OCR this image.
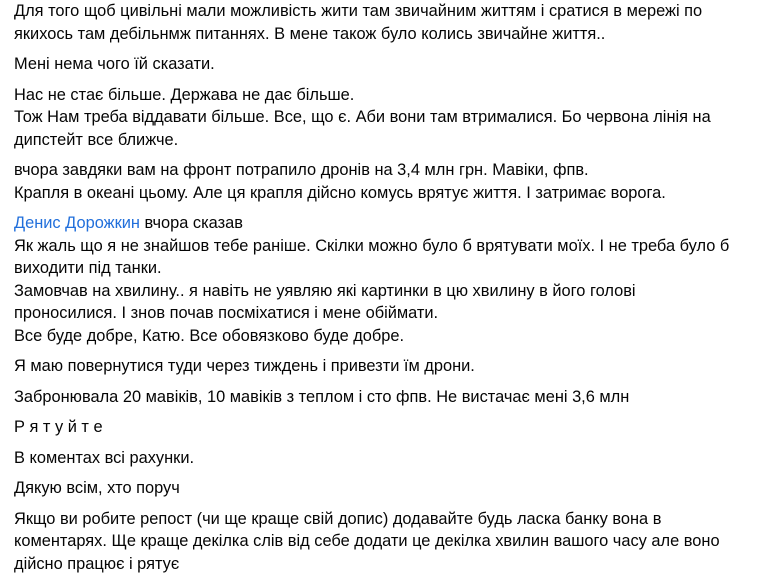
Для того щоб цивільні мали можливість жити там звичайним життям і сратися в мережі по
якихось там дебільнмж питаннях. В мене також було колись звичайне життя..
Мені нема чого їй сказати.
Нас не стає більше. Держава не дає більше.
Тож Нам треба віддавати більше. Все, що є. Аби вони там втрималися. Бо червона лінія на
дипстейт все ближче.
вчора завдяки вам на фронт потрапило дронів на 3,4 млн грн. Мавіки, фпв.
Крапля в океані цьому. Але ця крапля дійсно комусь врятує життя. І затримає ворога.
Денис Дорожкин вчора сказав
Як жаль що я не знайшов тебе раніше. Скілки можно було б врятувати моїх. І не треба було б
виходити під танки.
Замовчав на хвилину.. я навіть не уявляю які картинки в цю хвилину в його голові
проносилися. І знов почав посміхатися і мене обіймати.
Все буде добре, Катю. Все обовязково буде добре.
Я маю повернутися туди через тиждень і привезти їм дрони.
Забронювала 20 мавіків, 10 мавіків з теплом і сто фпв. Не вистачає мені 3,6 млн
Р я т у й т е
В коментах всі рахунки.
Дякую всім, хто поруч
Якщо ви робите репост (чи ще краще свій допис) додавайте будь ласка банку вона в
коментарях. Ще краще декілка слів від себе додати це декілка хвилин вашого часу але воно
дійсно працює і рятує
